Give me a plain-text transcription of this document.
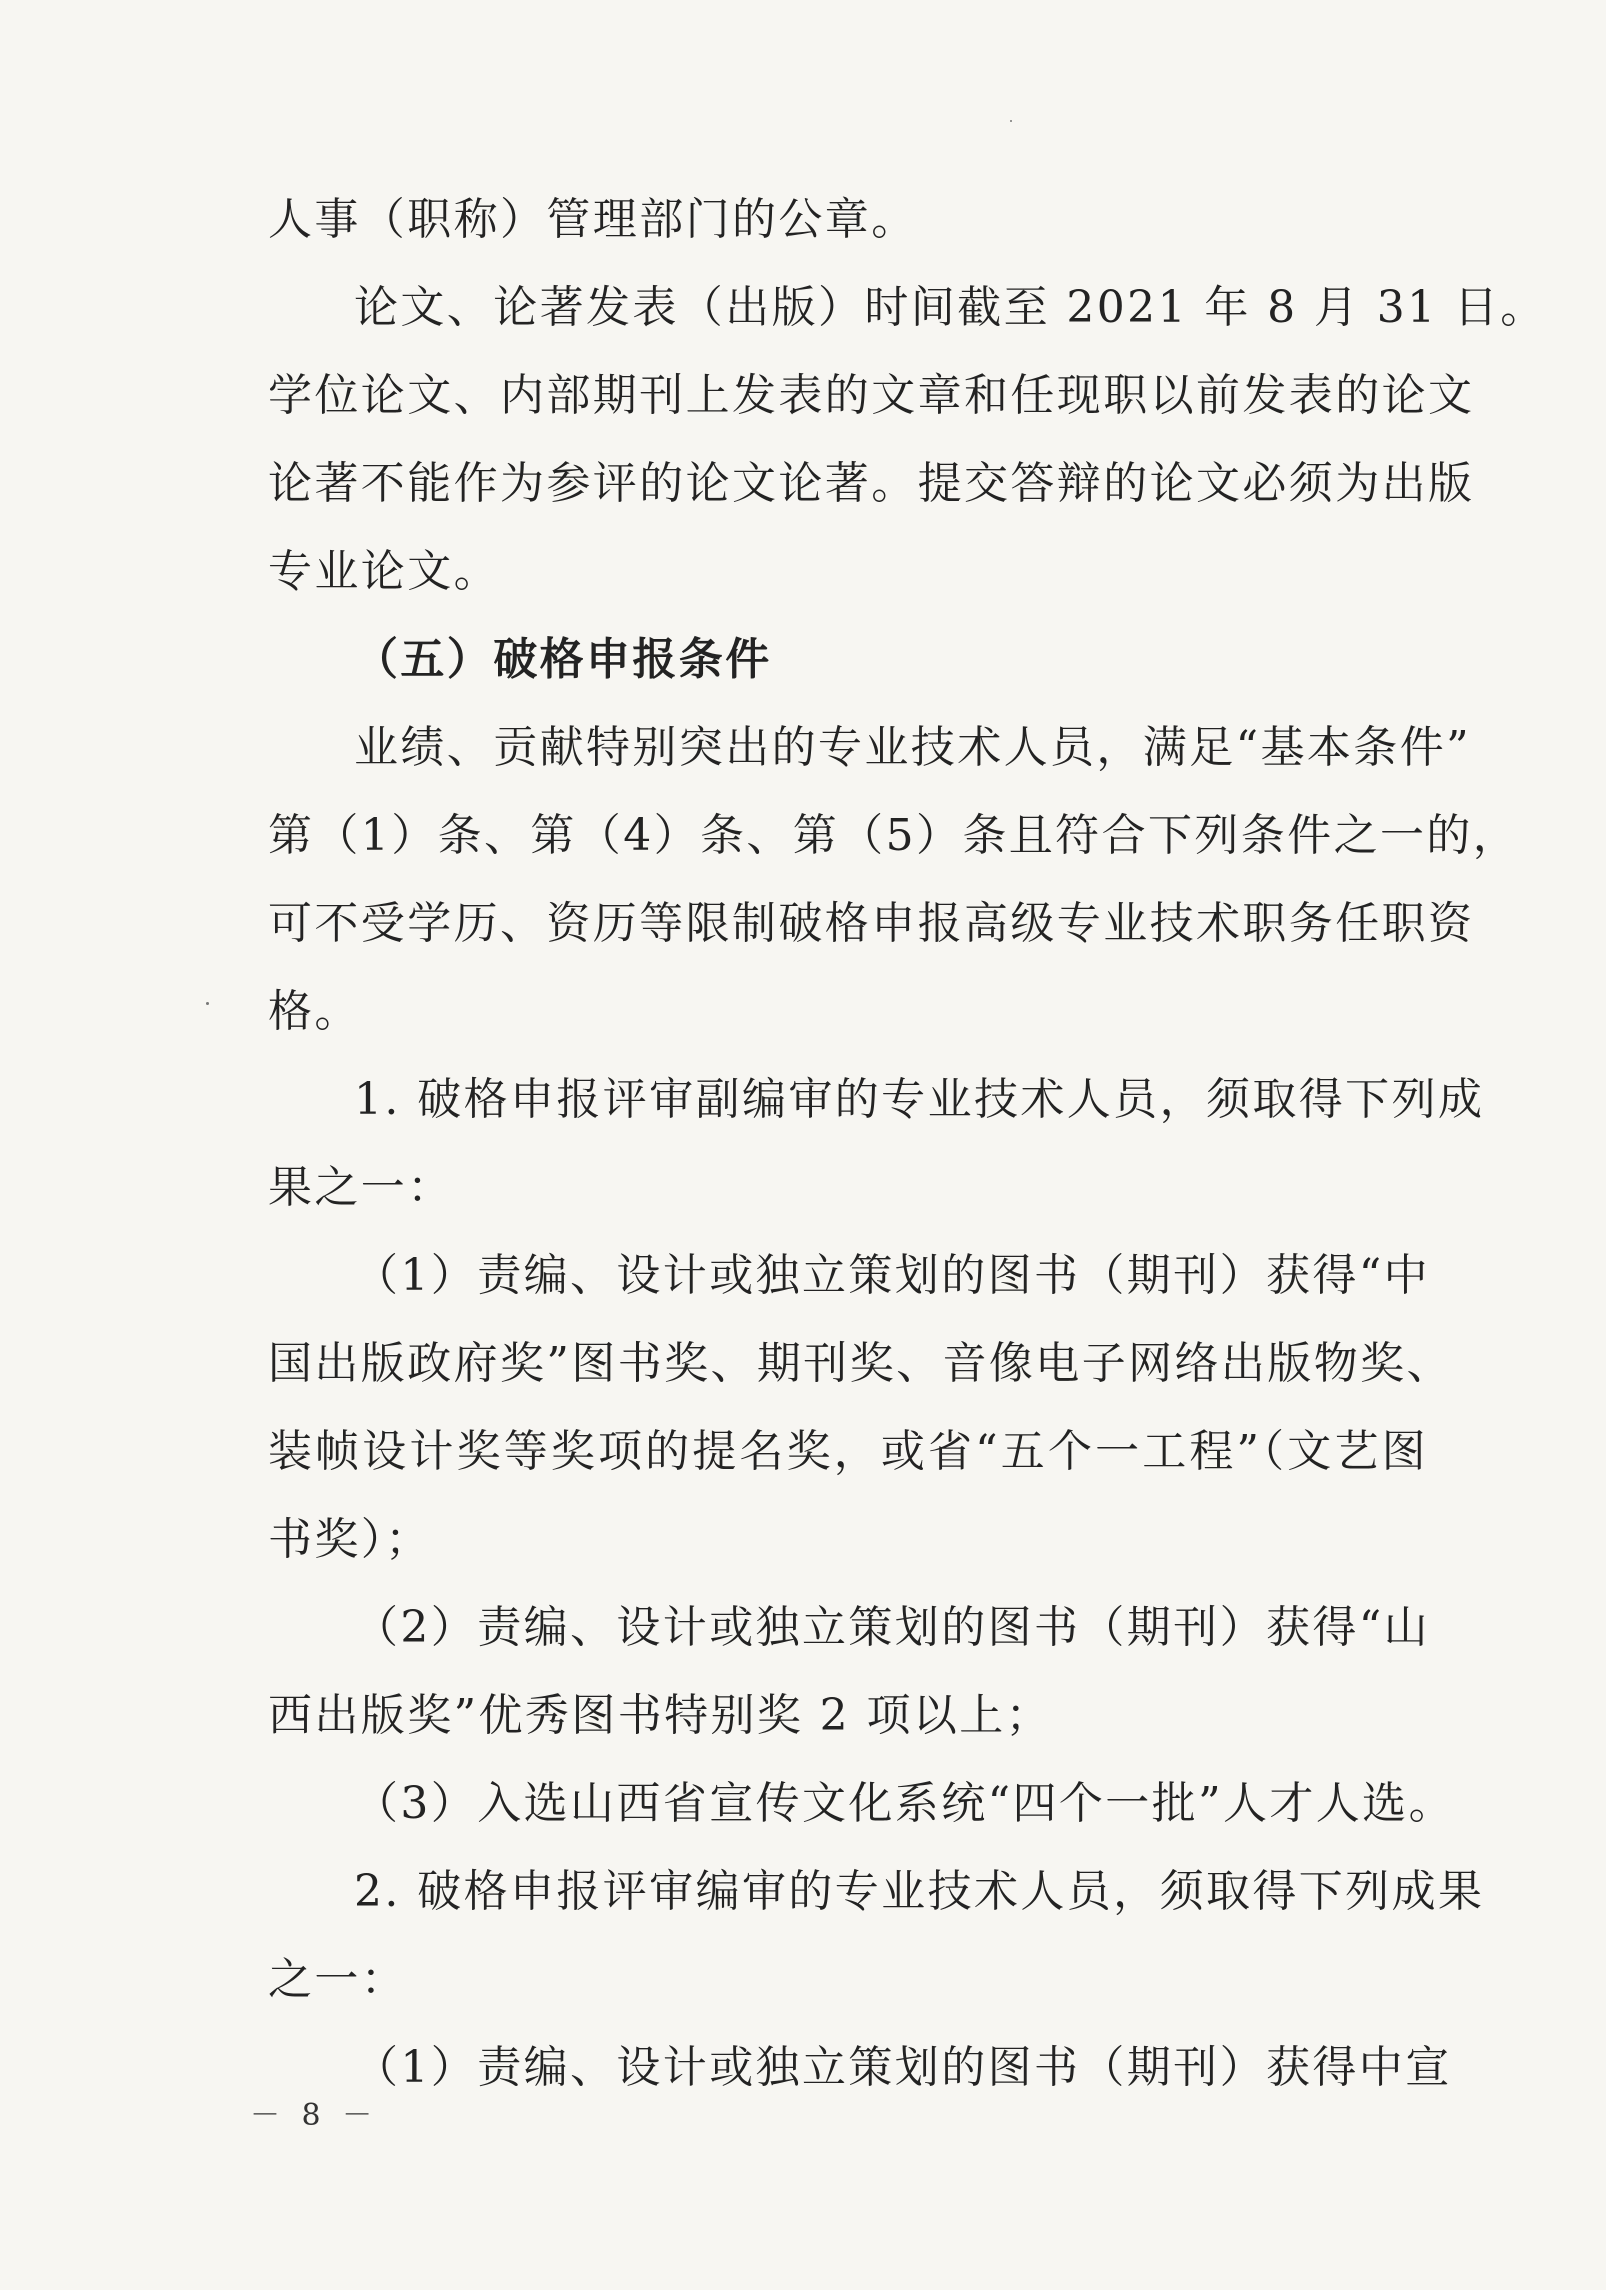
人事（职称）管理部门的公章。
论文、论著发表（出版）时间截至 2021 年 8 月 31 日。
学位论文、内部期刊上发表的文章和任现职以前发表的论文
论著不能作为参评的论文论著。提交答辩的论文必须为出版
专业论文。
（五）破格申报条件
业绩、贡献特别突出的专业技术人员，满足“基本条件”
第（1）条、第（4）条、第（5）条且符合下列条件之一的，
可不受学历、资历等限制破格申报高级专业技术职务任职资
格。
1. 破格申报评审副编审的专业技术人员，须取得下列成
果之一：
（1）责编、设计或独立策划的图书（期刊）获得“中
国出版政府奖”图书奖、期刊奖、音像电子网络出版物奖、
装帧设计奖等奖项的提名奖，或省“五个一工程”（文艺图
书奖）；
（2）责编、设计或独立策划的图书（期刊）获得“山
西出版奖”优秀图书特别奖 2 项以上；
（3）入选山西省宣传文化系统“四个一批”人才人选。
2. 破格申报评审编审的专业技术人员，须取得下列成果
之一：
（1）责编、设计或独立策划的图书（期刊）获得中宣
－ 8 －
